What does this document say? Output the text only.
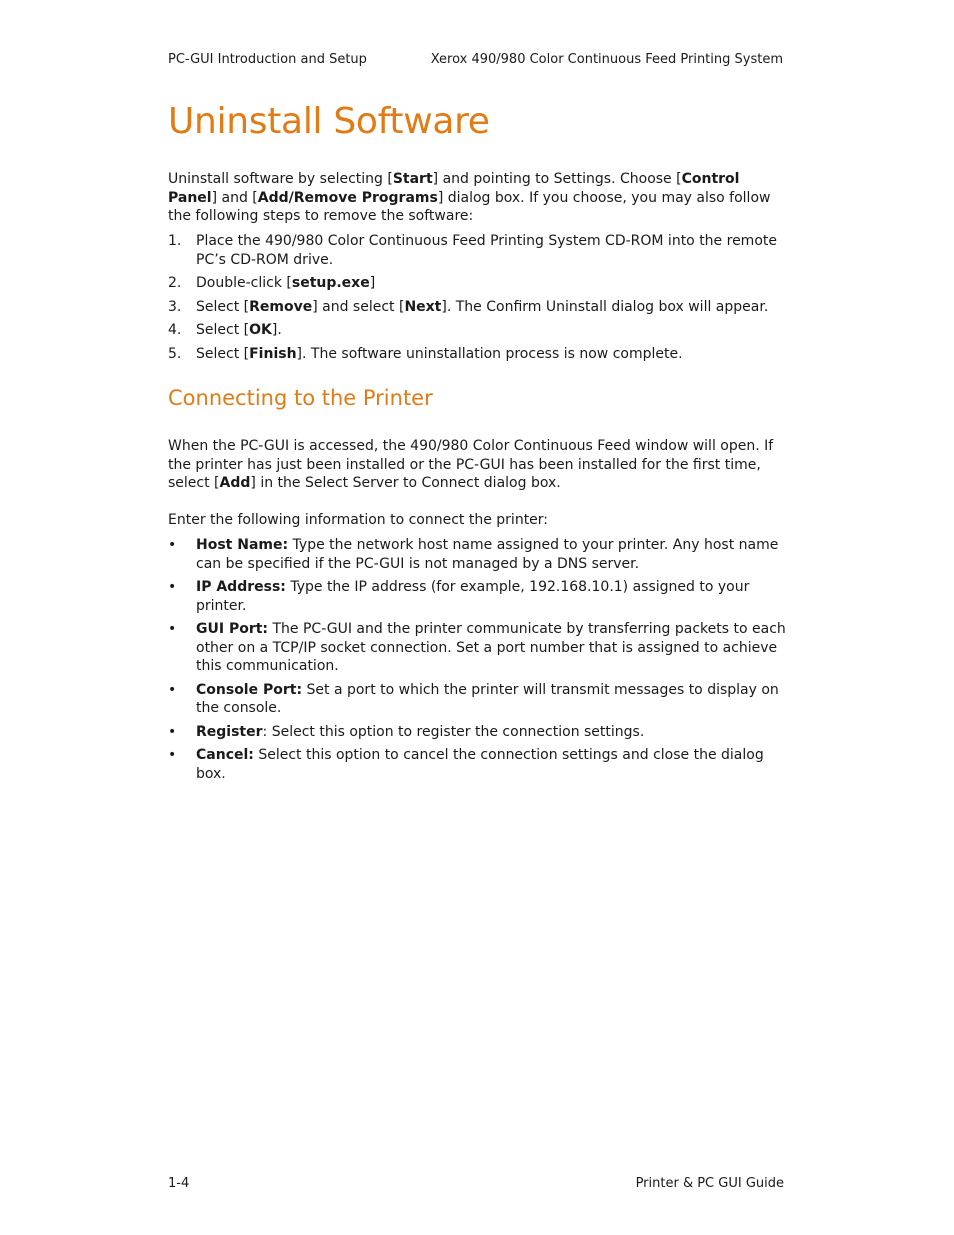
PC-GUI Introduction and Setup	Xerox 490/980 Color Continuous Feed Printing System
Uninstall Software

Uninstall software by selecting [Start] and pointing to Settings. Choose [Control Panel] and [Add/Remove Programs] dialog box. If you choose, you may also follow the following steps to remove the software:

1. Place the 490/980 Color Continuous Feed Printing System CD-ROM into the remote PC’s CD-ROM drive.
2. Double-click [setup.exe]
3. Select [Remove] and select [Next]. The Confirm Uninstall dialog box will appear.
4. Select [OK].
5. Select [Finish]. The software uninstallation process is now complete.
Connecting to the Printer

When the PC-GUI is accessed, the 490/980 Color Continuous Feed window will open. If the printer has just been installed or the PC-GUI has been installed for the first time, select [Add] in the Select Server to Connect dialog box.

Enter the following information to connect the printer:

• Host Name: Type the network host name assigned to your printer. Any host name can be specified if the PC-GUI is not managed by a DNS server.
• IP Address: Type the IP address (for example, 192.168.10.1) assigned to your printer.
• GUI Port: The PC-GUI and the printer communicate by transferring packets to each other on a TCP/IP socket connection. Set a port number that is assigned to achieve this communication.
• Console Port: Set a port to which the printer will transmit messages to display on the console.
• Register: Select this option to register the connection settings.
• Cancel: Select this option to cancel the connection settings and close the dialog box.
1-4	Printer & PC GUI Guide
